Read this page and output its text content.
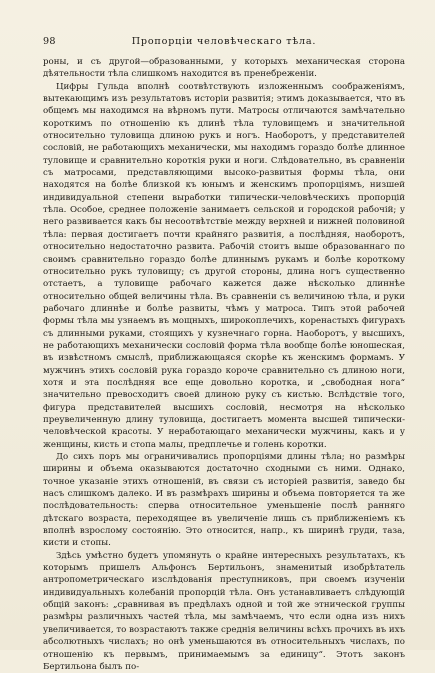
98	Пропорціи человѣческаго тѣла.

роны, и съ другой—образованными, у которыхъ механическая сторона дѣятельности тѣла слишкомъ находится въ пренебреженіи.

Цифры Гульда вполнѣ соотвѣтствують изложеннымъ соображеніямъ, вытекающимъ изъ результатовъ исторіи развитія; этимъ доказывается, что въ общемъ мы находимся на вѣрномъ пути. Матросы отличаются замѣчательно короткимъ по отношенію къ длинѣ тѣла туловищемъ и значительной относительно туловища длиною рукъ и ногъ. Наоборотъ, у представителей сословій, не работающихъ механически, мы находимъ гораздо болѣе длинное туловище и сравнительно короткія руки и ноги. Слѣдовательно, въ сравненіи съ матросами, представляющими высоко-развитыя формы тѣла, они находятся на болѣе близкой къ юнымъ и женскимъ пропорціямъ, низшей индивидуальной степени выработки типически-человѣческихъ пропорцій тѣла. Особое, среднее положеніе занимаетъ сельской и городской рабочій; у него развивается какъ бы несоотвѣтствіе между верхней и нижней половиной тѣла: первая достигаетъ почти крайняго развитія, а послѣдняя, наоборотъ, относительно недостаточно развита. Рабочій стоитъ выше образованнаго по своимъ сравнительно гораздо болѣе длиннымъ рукамъ и болѣе короткому относительно рукъ туловищу; съ другой стороны, длина ногъ существенно отстаетъ, а туловище рабочаго кажется даже нѣсколько длиннѣе относительно общей величины тѣла. Въ сравненіи съ величиною тѣла, и руки рабочаго длиннѣе и болѣе развиты, чѣмъ у матроса. Типъ этой рабочей формы тѣла мы узнаемъ въ мощныхъ, широкоплечихъ, коренастыхъ фигурахъ съ длинными руками, стоящихъ у кузнечнаго горна. Наоборотъ, у высшихъ, не работающихъ механически сословій форма тѣла вообще болѣе юношеская, въ извѣстномъ смыслѣ, приближающаяся скорѣе къ женскимъ формамъ. У мужчинъ этихъ сословій рука гораздо короче сравнительно съ длиною ноги, хотя и эта послѣдняя все еще довольно коротка, и „свободная нога“ значительно превосходитъ своей длиною руку съ кистью. Вслѣдствіе того, фигура представителей высшихъ сословій, несмотря на нѣсколько преувеличенную длину туловища, достигаетъ момента высшей типически-человѣческой красоты. У неработающаго механически мужчины, какъ и у женщины, кисть и стопа малы, предплечье и голень коротки.

До сихъ поръ мы ограничивались пропорціями длины тѣла; но размѣры ширины и объема оказываются достаточно сходными съ ними. Однако, точное указаніе этихъ отношеній, въ связи съ исторіей развитія, заведо бы насъ слишкомъ далеко. И въ размѣрахъ ширины и объема повторяется та же послѣдовательность: сперва относительное уменьшеніе послѣ ранняго дѣтскаго возраста, переходящее въ увеличеніе лишь съ приближеніемъ къ вполнѣ взрослому состоянію. Это относится, напр., къ ширинѣ груди, таза, кисти и стопы.

Здѣсь умѣстно будетъ упомянуть о крайне интересныхъ результатахъ, къ которымъ пришелъ Альфонсъ Бертильонъ, знаменитый изобрѣтатель антропометрическаго изслѣдованія преступниковъ, при своемъ изученіи индивидуальныхъ колебаній пропорцій тѣла. Онъ устанавливаетъ слѣдующій общій законъ: „сравнивая въ предѣлахъ одной и той же этнической группы размѣры различныхъ частей тѣла, мы замѣчаемъ, что если одна изъ нихъ увеличивается, то возрастаютъ также среднія величины всѣхъ прочихъ въ ихъ абсолютныхъ числахъ; но онѣ уменьшаются въ относительныхъ числахъ, по отношенію къ первымъ, принимаемымъ за единицу“. Этотъ законъ Бертильона былъ по-
